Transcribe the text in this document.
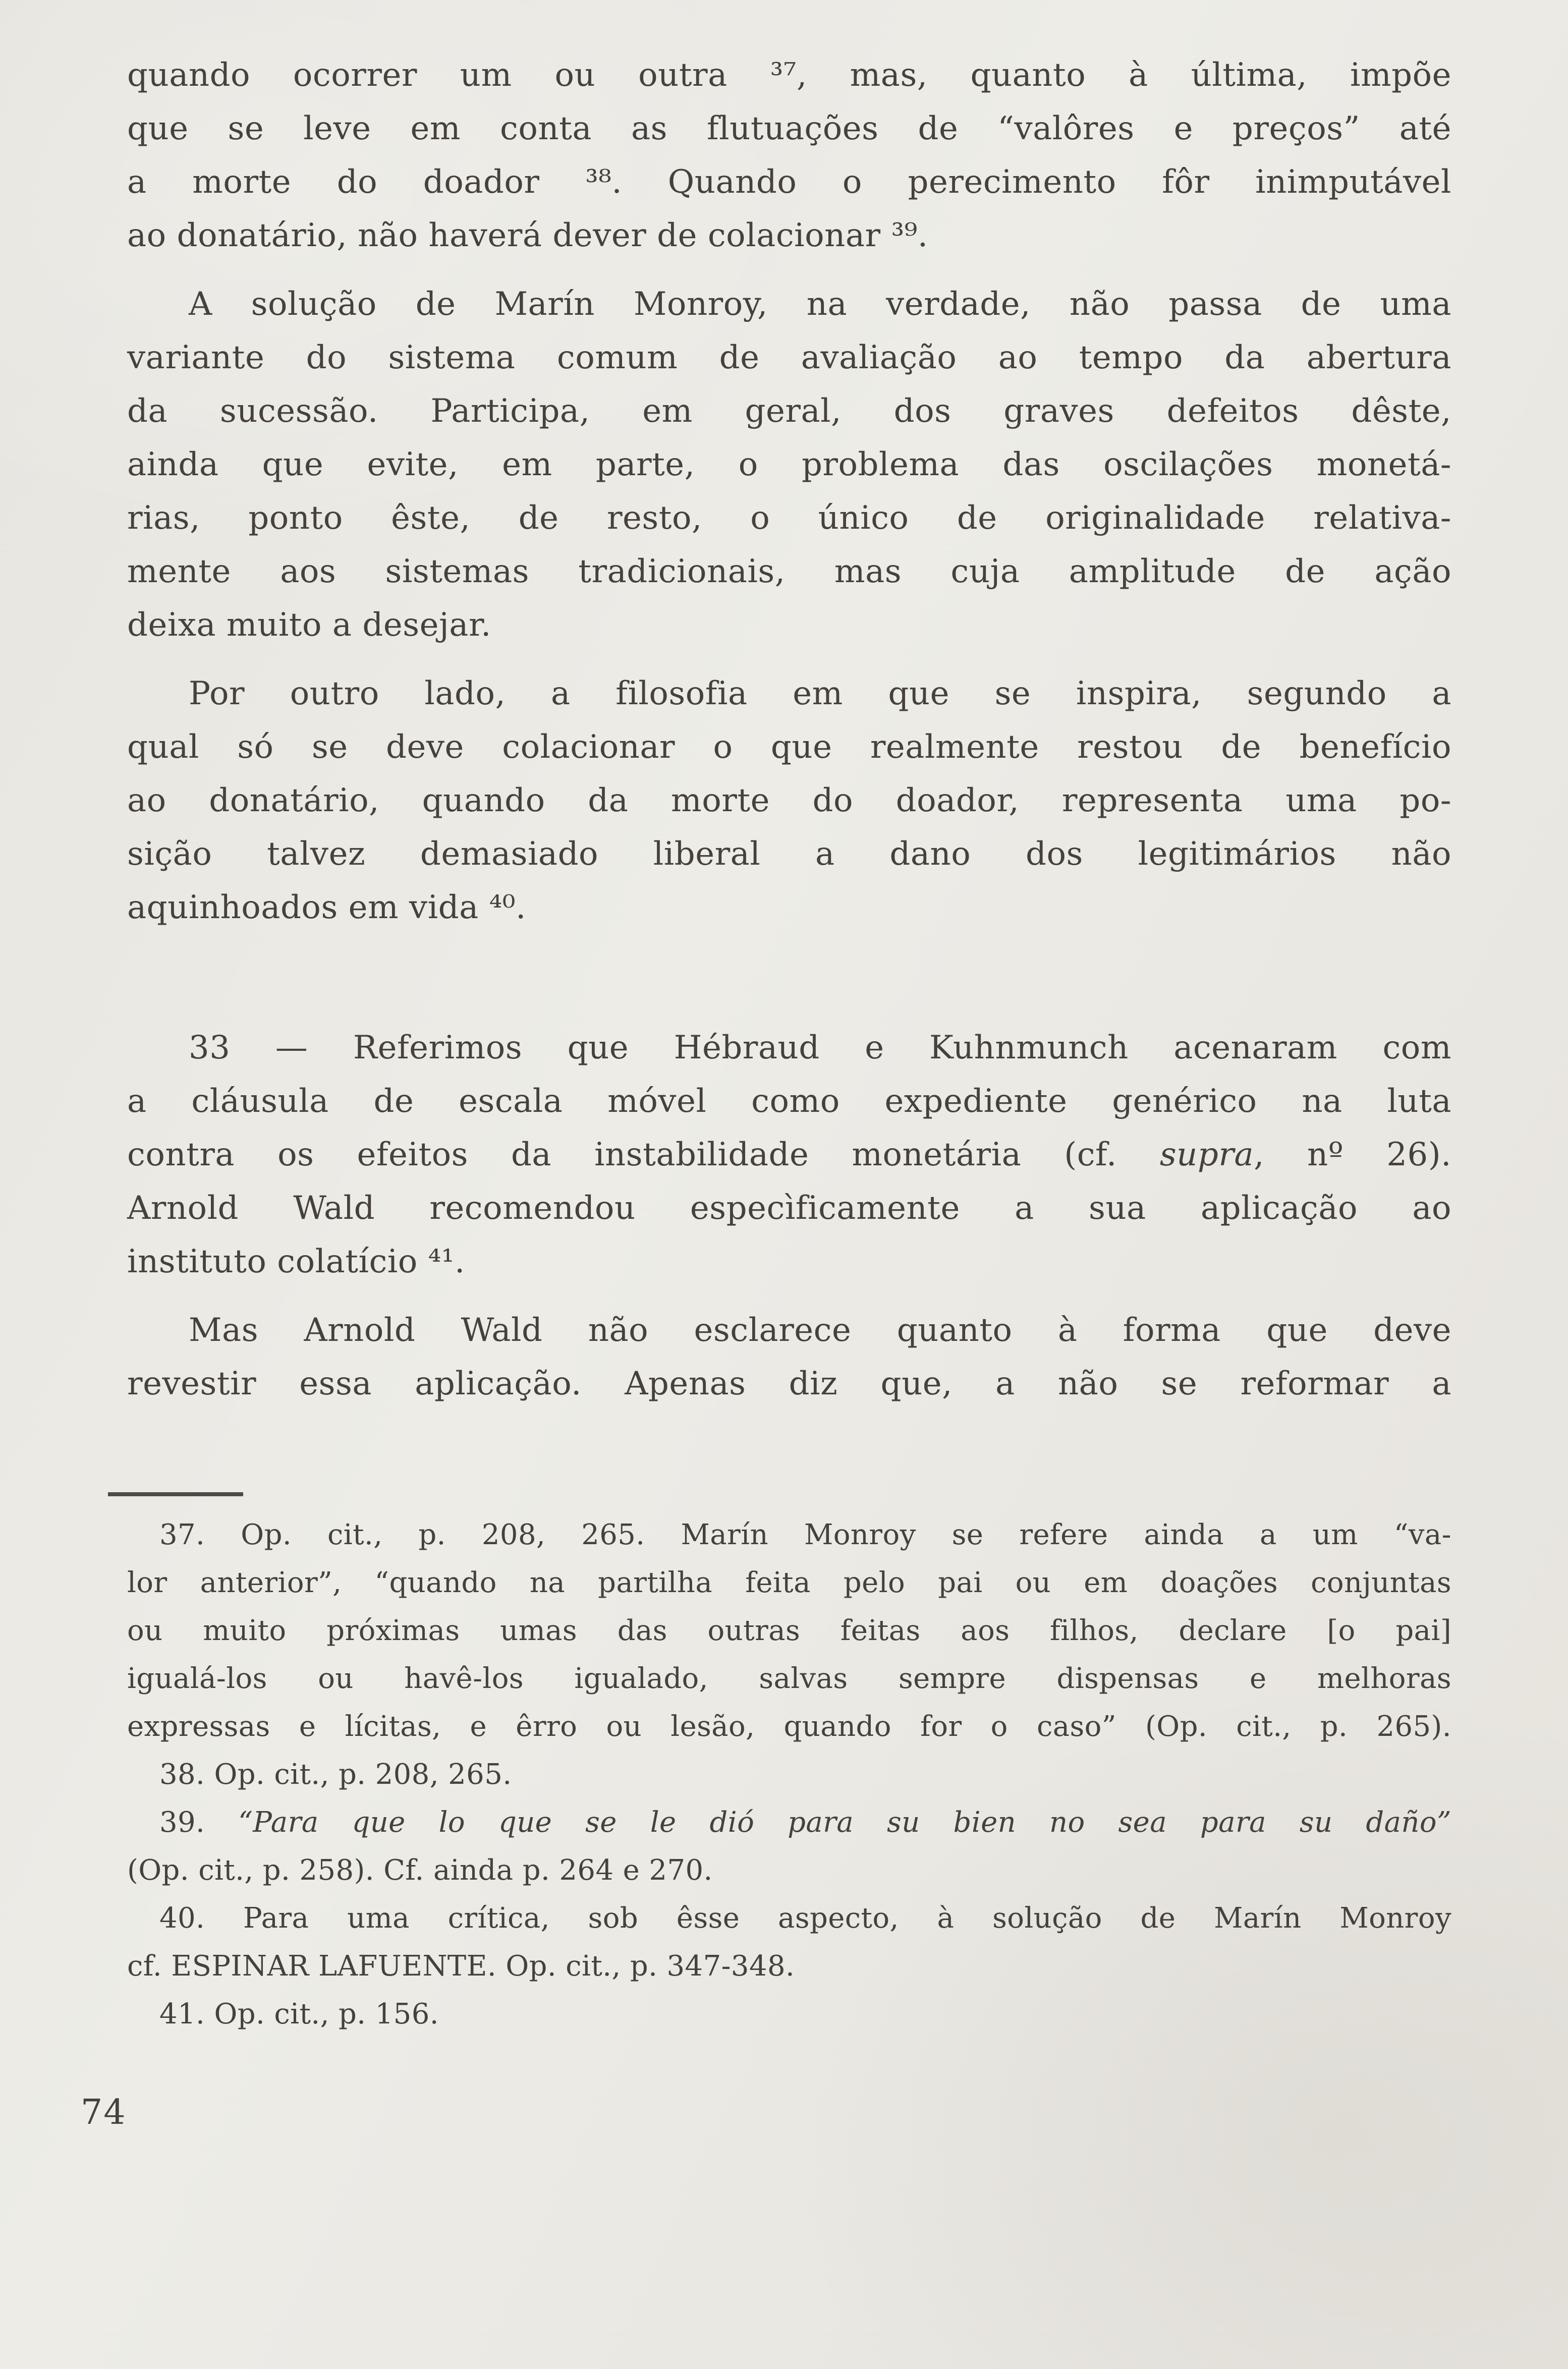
quando ocorrer um ou outra ³⁷, mas, quanto à última, impõe
que se leve em conta as flutuações de “valôres e preços” até
a morte do doador ³⁸. Quando o perecimento fôr inimputável
ao donatário, não haverá dever de colacionar ³⁹.
A solução de Marín Monroy, na verdade, não passa de uma
variante do sistema comum de avaliação ao tempo da abertura
da sucessão. Participa, em geral, dos graves defeitos dêste,
ainda que evite, em parte, o problema das oscilações monetá-
rias, ponto êste, de resto, o único de originalidade relativa-
mente aos sistemas tradicionais, mas cuja amplitude de ação
deixa muito a desejar.
Por outro lado, a filosofia em que se inspira, segundo a
qual só se deve colacionar o que realmente restou de benefício
ao donatário, quando da morte do doador, representa uma po-
sição talvez demasiado liberal a dano dos legitimários não
aquinhoados em vida ⁴⁰.
33 — Referimos que Hébraud e Kuhnmunch acenaram com
a cláusula de escala móvel como expediente genérico na luta
contra os efeitos da instabilidade monetária (cf. supra, nº 26).
Arnold Wald recomendou especìficamente a sua aplicação ao
instituto colatício ⁴¹.
Mas Arnold Wald não esclarece quanto à forma que deve
revestir essa aplicação. Apenas diz que, a não se reformar a
37. Op. cit., p. 208, 265. Marín Monroy se refere ainda a um “va-
lor anterior”, “quando na partilha feita pelo pai ou em doações conjuntas
ou muito próximas umas das outras feitas aos filhos, declare [o pai]
igualá-los ou havê-los igualado, salvas sempre dispensas e melhoras
expressas e lícitas, e êrro ou lesão, quando for o caso” (Op. cit., p. 265).
38. Op. cit., p. 208, 265.
39. “Para que lo que se le dió para su bien no sea para su daño”
(Op. cit., p. 258). Cf. ainda p. 264 e 270.
40. Para uma crítica, sob êsse aspecto, à solução de Marín Monroy
cf. ESPINAR LAFUENTE. Op. cit., p. 347-348.
41. Op. cit., p. 156.
74
